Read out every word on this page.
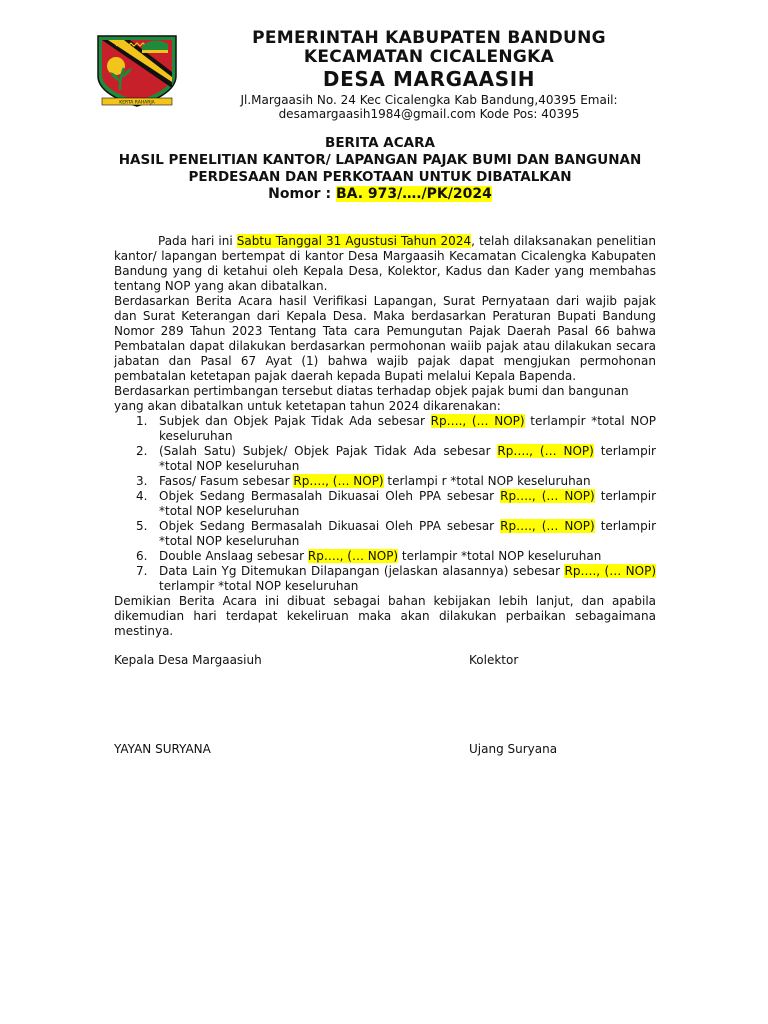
KERTA RAHARJA
PEMERINTAH KABUPATEN BANDUNG
KECAMATAN CICALENGKA
DESA MARGAASIH
Jl.Margaasih No. 24 Kec Cicalengka Kab Bandung,40395 Email:
desamargaasih1984@gmail.com Kode Pos: 40395
BERITA ACARA
HASIL PENELITIAN KANTOR/ LAPANGAN PAJAK BUMI DAN BANGUNAN
PERDESAAN DAN PERKOTAAN UNTUK DIBATALKAN
Nomor : BA. 973/…./PK/2024

Pada hari ini Sabtu Tanggal 31 Agustusi Tahun 2024, telah dilaksanakan penelitian kantor/ lapangan bertempat di kantor Desa Margaasih Kecamatan Cicalengka Kabupaten Bandung yang di ketahui oleh Kepala Desa, Kolektor, Kadus dan Kader yang membahas tentang NOP yang akan dibatalkan.

Berdasarkan Berita Acara hasil Verifikasi Lapangan, Surat Pernyataan dari wajib pajak dan Surat Keterangan dari Kepala Desa. Maka berdasarkan Peraturan Bupati Bandung Nomor 289 Tahun 2023 Tentang Tata cara Pemungutan Pajak Daerah Pasal 66 bahwa Pembatalan dapat dilakukan berdasarkan permohonan waiib pajak atau dilakukan secara jabatan dan Pasal 67 Ayat (1) bahwa wajib pajak dapat mengjukan permohonan pembatalan ketetapan pajak daerah kepada Bupati melalui Kepala Bapenda.

Berdasarkan pertimbangan tersebut diatas terhadap objek pajak bumi dan bangunan yang akan dibatalkan untuk ketetapan tahun 2024 dikarenakan:

1. Subjek dan Objek Pajak Tidak Ada sebesar Rp…., (… NOP) terlampir *total NOP keseluruhan
2. (Salah Satu) Subjek/ Objek Pajak Tidak Ada sebesar Rp…., (… NOP) terlampir *total NOP keseluruhan
3. Fasos/ Fasum sebesar Rp…., (… NOP) terlampi r *total NOP keseluruhan
4. Objek Sedang Bermasalah Dikuasai Oleh PPA sebesar Rp…., (… NOP) terlampir *total NOP keseluruhan
5. Objek Sedang Bermasalah Dikuasai Oleh PPA sebesar Rp…., (… NOP) terlampir *total NOP keseluruhan
6. Double Anslaag sebesar Rp…., (… NOP) terlampir *total NOP keseluruhan
7. Data Lain Yg Ditemukan Dilapangan (jelaskan alasannya) sebesar Rp…., (… NOP) terlampir *total NOP keseluruhan

Demikian Berita Acara ini dibuat sebagai bahan kebijakan lebih lanjut, dan apabila dikemudian hari terdapat kekeliruan maka akan dilakukan perbaikan sebagaimana mestinya.

Kepala Desa Margaasiuh	Kolektor
YAYAN SURYANA	Ujang Suryana
